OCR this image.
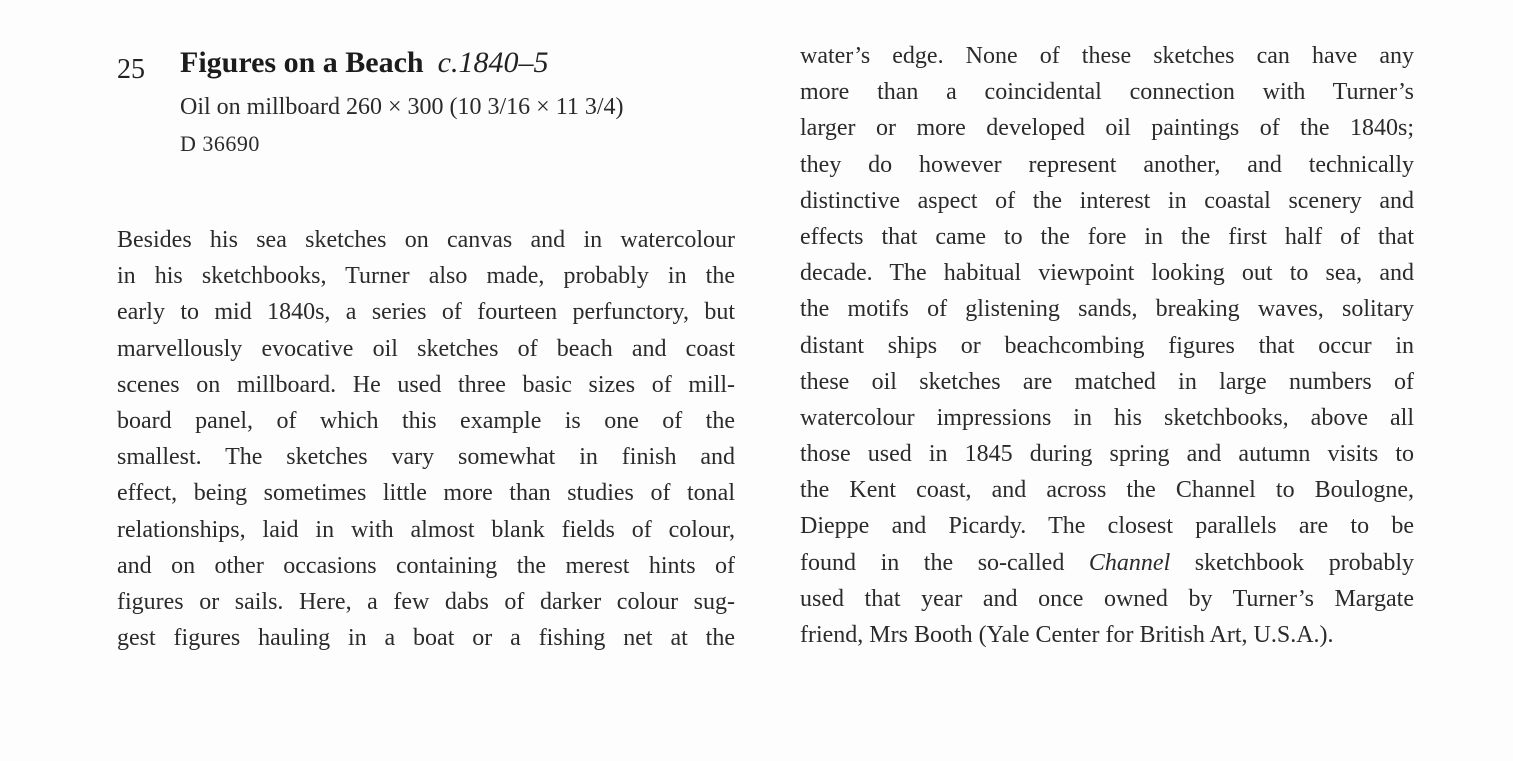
25 Figures on a Beach c.1840–5
Oil on millboard 260 × 300 (10 3/16 × 11 3/4)
D 36690
Besides his sea sketches on canvas and in watercolour
in his sketchbooks, Turner also made, probably in the
early to mid 1840s, a series of fourteen perfunctory, but
marvellously evocative oil sketches of beach and coast
scenes on millboard. He used three basic sizes of mill-
board panel, of which this example is one of the
smallest. The sketches vary somewhat in finish and
effect, being sometimes little more than studies of tonal
relationships, laid in with almost blank fields of colour,
and on other occasions containing the merest hints of
figures or sails. Here, a few dabs of darker colour sug-
gest figures hauling in a boat or a fishing net at the
water’s edge. None of these sketches can have any
more than a coincidental connection with Turner’s
larger or more developed oil paintings of the 1840s;
they do however represent another, and technically
distinctive aspect of the interest in coastal scenery and
effects that came to the fore in the first half of that
decade. The habitual viewpoint looking out to sea, and
the motifs of glistening sands, breaking waves, solitary
distant ships or beachcombing figures that occur in
these oil sketches are matched in large numbers of
watercolour impressions in his sketchbooks, above all
those used in 1845 during spring and autumn visits to
the Kent coast, and across the Channel to Boulogne,
Dieppe and Picardy. The closest parallels are to be
found in the so-called Channel sketchbook probably
used that year and once owned by Turner’s Margate
friend, Mrs Booth (Yale Center for British Art, U.S.A.).
